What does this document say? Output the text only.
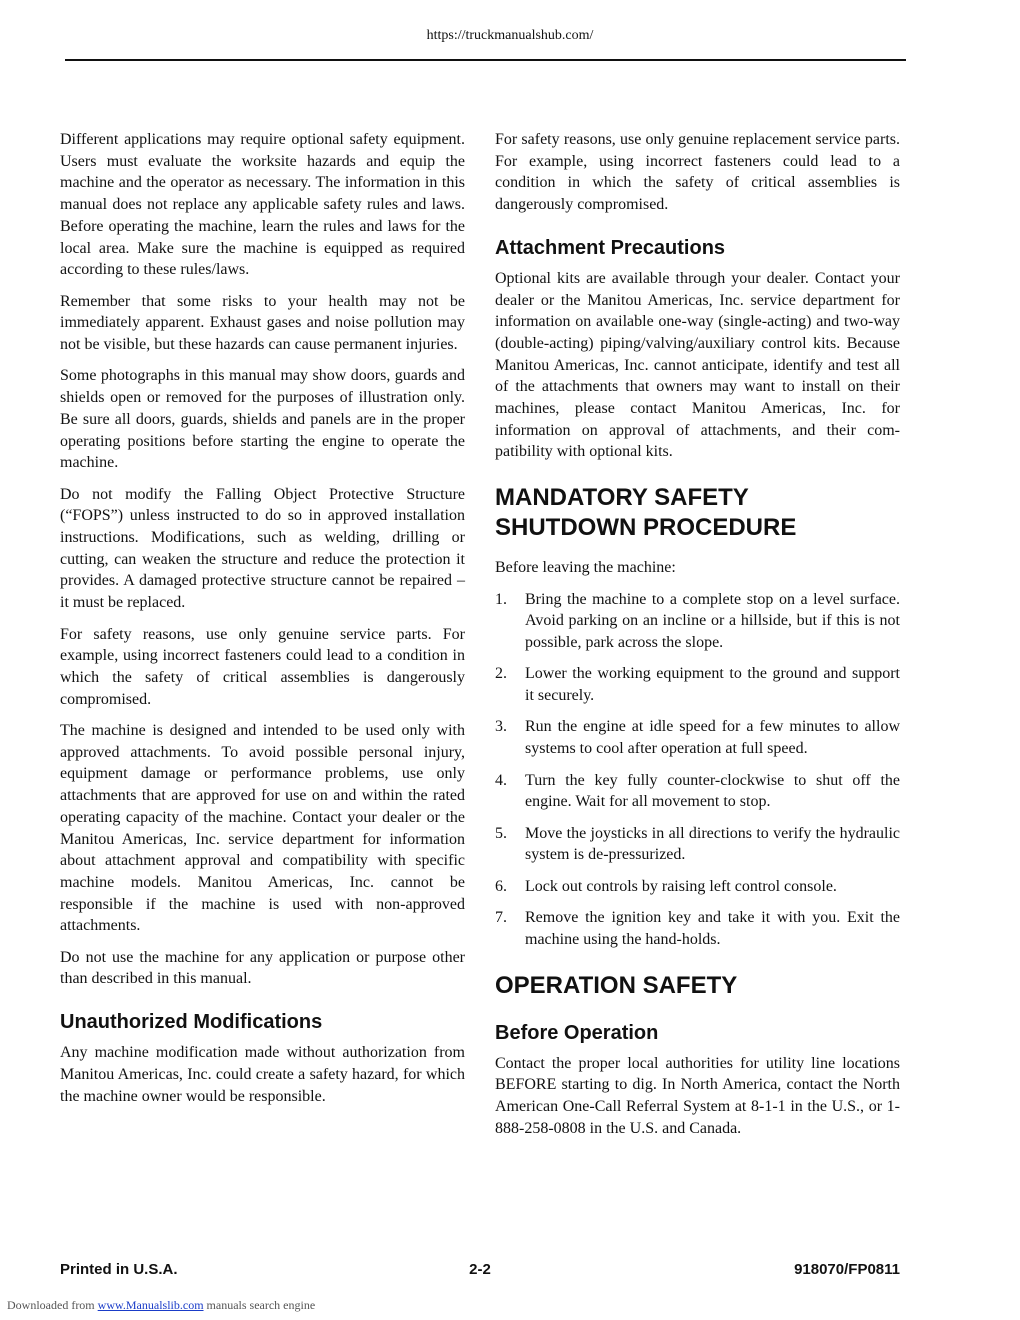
https://truckmanualshub.com/

Different applications may require optional safety equipment. Users must evaluate the worksite hazards and equip the machine and the operator as necessary. The information in this manual does not replace any applicable safety rules and laws. Before operating the machine, learn the rules and laws for the local area. Make sure the machine is equipped as required according to these rules/laws.

Remember that some risks to your health may not be immediately apparent. Exhaust gases and noise pollution may not be visible, but these hazards can cause permanent injuries.

Some photographs in this manual may show doors, guards and shields open or removed for the purposes of illustration only. Be sure all doors, guards, shields and panels are in the proper operating positions before starting the engine to operate the machine.

Do not modify the Falling Object Protective Structure (“FOPS”) unless instructed to do so in approved installation instructions. Modifications, such as welding, drilling or cutting, can weaken the structure and reduce the protection it provides. A damaged protective structure cannot be repaired – it must be replaced.

For safety reasons, use only genuine service parts. For example, using incorrect fasteners could lead to a condition in which the safety of critical assemblies is dangerously compromised.

The machine is designed and intended to be used only with approved attachments. To avoid possible personal injury, equipment damage or performance problems, use only attachments that are approved for use on and within the rated operating capacity of the machine. Contact your dealer or the Manitou Americas, Inc. service department for information about attachment approval and compatibility with specific machine models. Manitou Americas, Inc. cannot be responsible if the machine is used with non-approved attachments.

Do not use the machine for any application or purpose other than described in this manual.

Unauthorized Modifications

Any machine modification made without authorization from Manitou Americas, Inc. could create a safety hazard, for which the machine owner would be responsible.

For safety reasons, use only genuine replacement service parts. For example, using incorrect fasteners could lead to a condition in which the safety of critical assemblies is dangerously compromised.

Attachment Precautions

Optional kits are available through your dealer. Contact your dealer or the Manitou Americas, Inc. service department for information on available one-way (single-acting) and two-way (double-acting) piping/valving/auxiliary control kits. Because Manitou Americas, Inc. cannot anticipate, identify and test all of the attachments that owners may want to install on their machines, please contact Manitou Americas, Inc. for information on approval of attachments, and their compatibility with optional kits.

MANDATORY SAFETY
SHUTDOWN PROCEDURE

Before leaving the machine:

1.	Bring the machine to a complete stop on a level surface. Avoid parking on an incline or a hillside, but if this is not possible, park across the slope.
2.	Lower the working equipment to the ground and support it securely.
3.	Run the engine at idle speed for a few minutes to allow systems to cool after operation at full speed.
4.	Turn the key fully counter-clockwise to shut off the engine. Wait for all movement to stop.
5.	Move the joysticks in all directions to verify the hydraulic system is de-pressurized.
6.	Lock out controls by raising left control console.
7.	Remove the ignition key and take it with you. Exit the machine using the hand-holds.
OPERATION SAFETY
Before Operation

Contact the proper local authorities for utility line locations BEFORE starting to dig. In North America, contact the North American One-Call Referral System at 8-1-1 in the U.S., or 1-888-258-0808 in the U.S. and Canada.

Printed in U.S.A.	2-2	918070/FP0811
Downloaded from www.Manualslib.com manuals search engine
